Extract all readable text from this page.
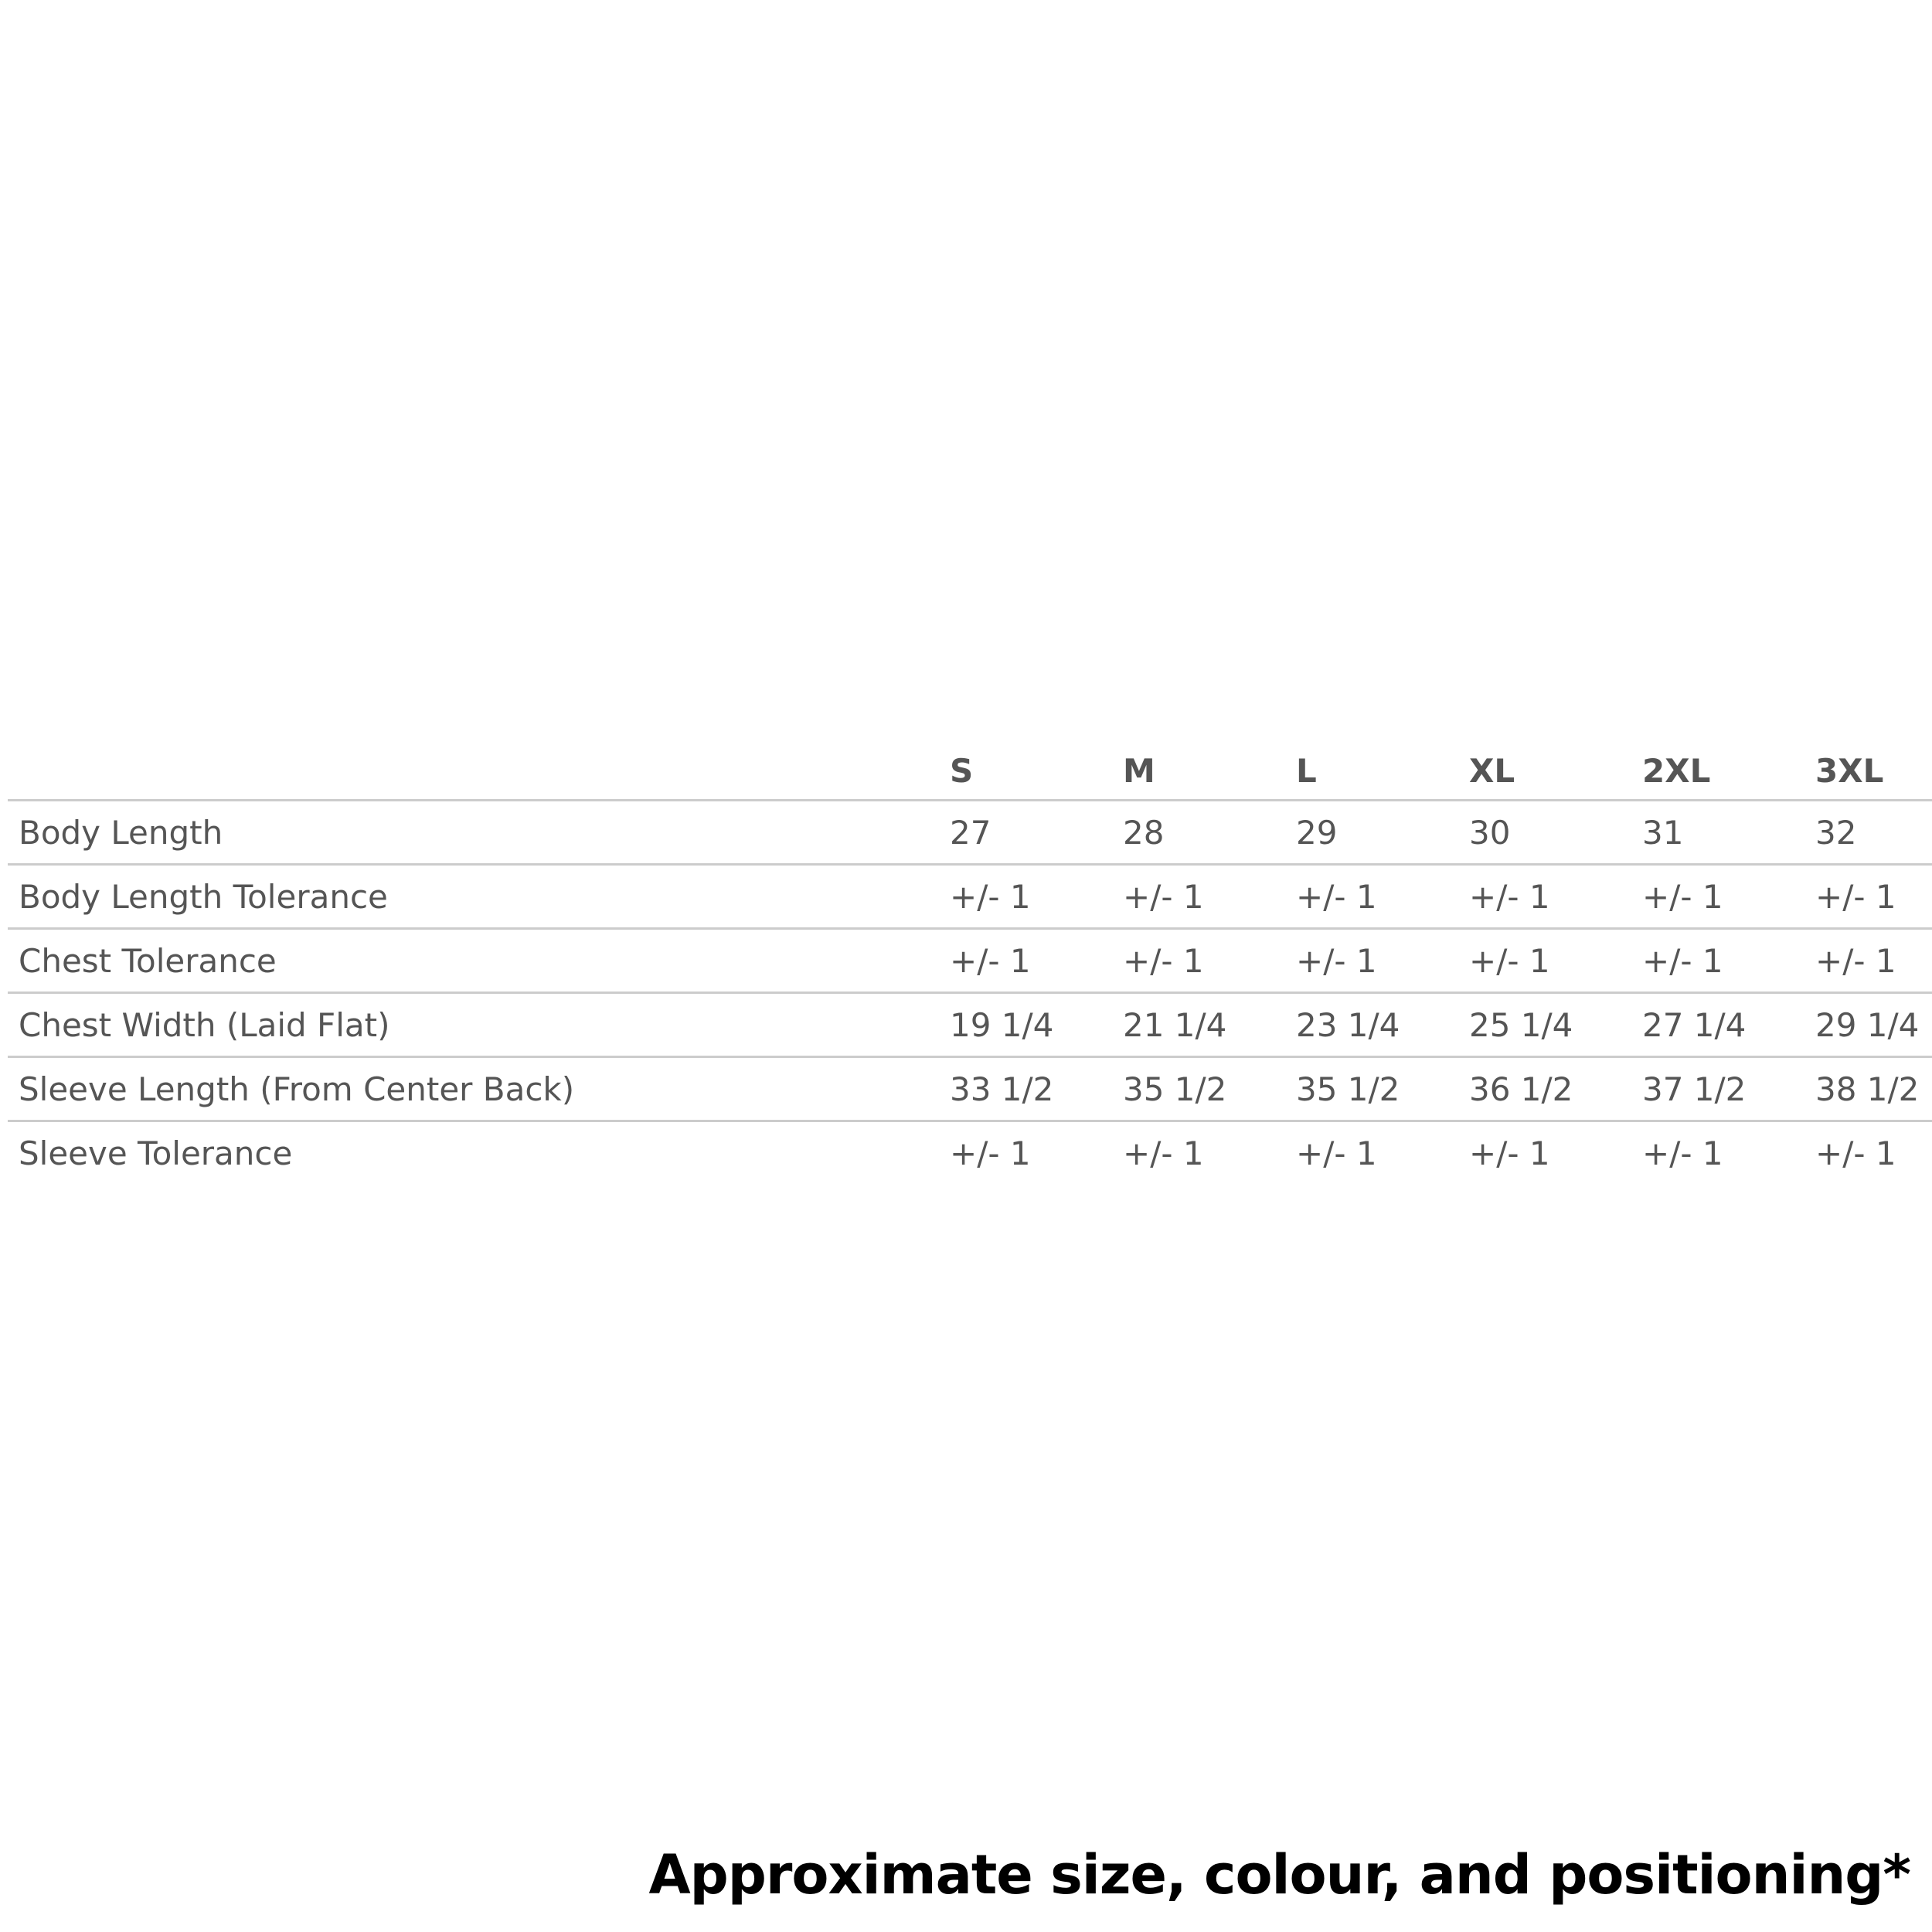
	S	M	L	XL	2XL	3XL
Body Length	27	28	29	30	31	32
Body Length Tolerance	+/- 1	+/- 1	+/- 1	+/- 1	+/- 1	+/- 1
Chest Tolerance	+/- 1	+/- 1	+/- 1	+/- 1	+/- 1	+/- 1
Chest Width (Laid Flat)	19 1/4	21 1/4	23 1/4	25 1/4	27 1/4	29 1/4
Sleeve Length (From Center Back)	33 1/2	35 1/2	35 1/2	36 1/2	37 1/2	38 1/2
Sleeve Tolerance	+/- 1	+/- 1	+/- 1	+/- 1	+/- 1	+/- 1
Approximate size, colour, and positioning*
